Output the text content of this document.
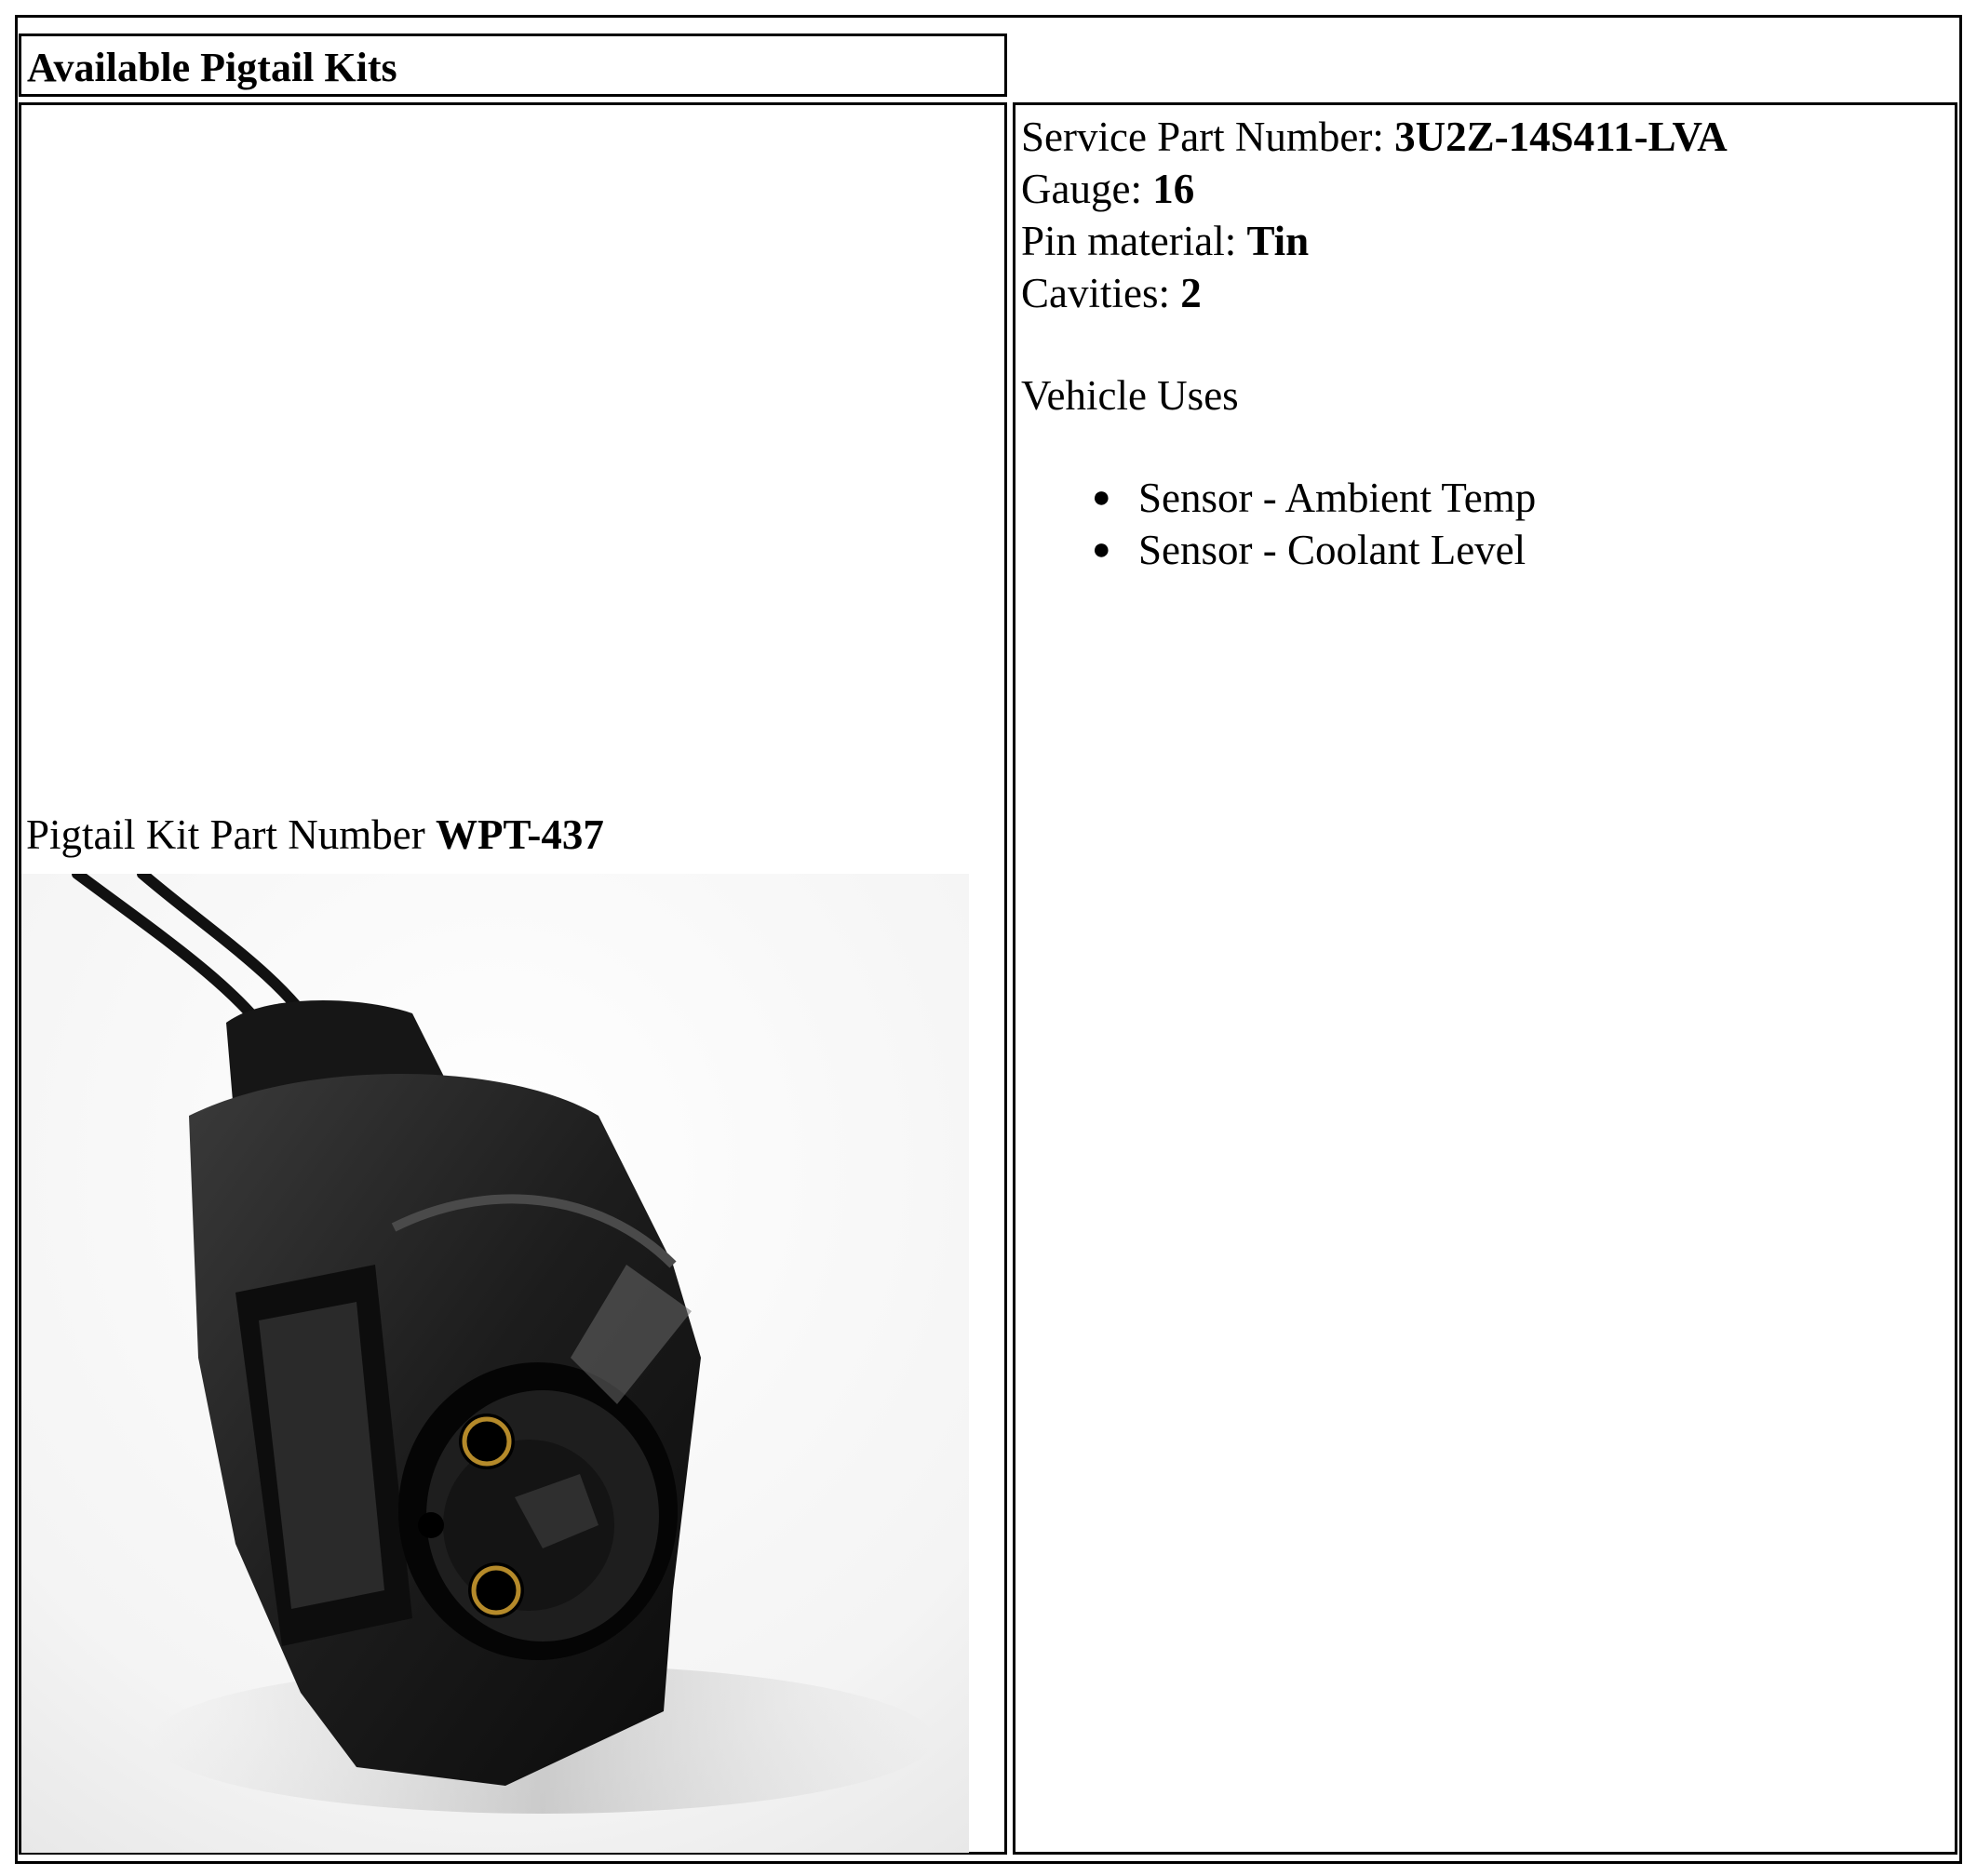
Available Pigtail Kits
Pigtail Kit Part Number WPT-437
Service Part Number: 3U2Z-14S411-LVA
Gauge: 16
Pin material: Tin
Cavities: 2
Vehicle Uses
● Sensor - Ambient Temp
● Sensor - Coolant Level
